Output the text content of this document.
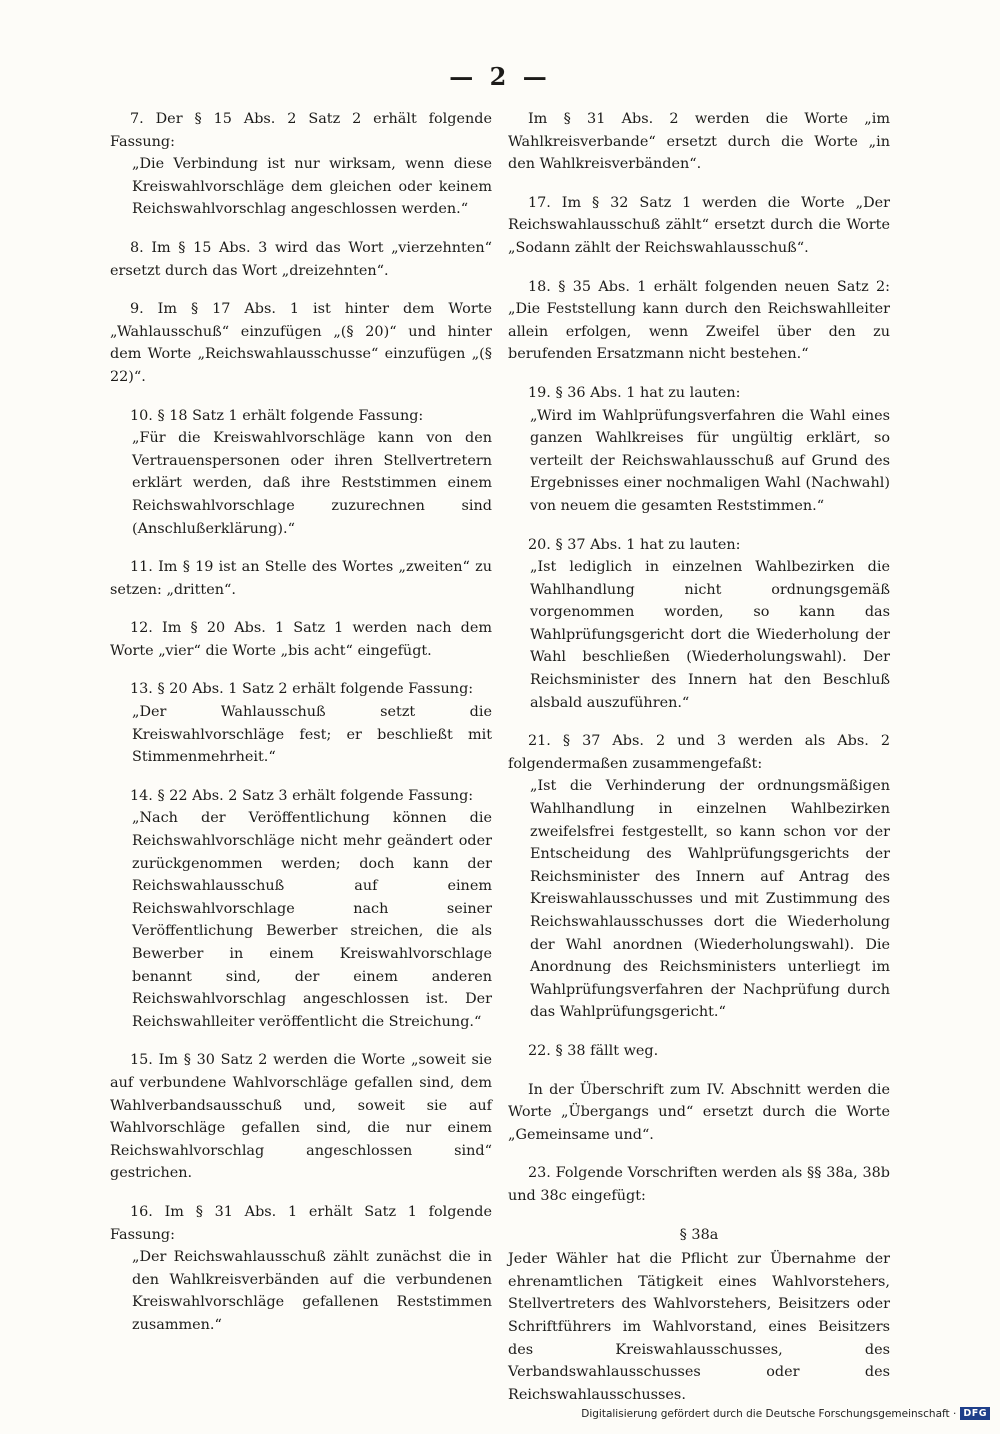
— 2 —
7. Der § 15 Abs. 2 Satz 2 erhält folgende Fassung:
„Die Verbindung ist nur wirksam, wenn diese Kreiswahlvorschläge dem gleichen oder keinem Reichswahlvorschlag angeschlossen werden.“
8. Im § 15 Abs. 3 wird das Wort „vierzehnten“ ersetzt durch das Wort „dreizehnten“.
9. Im § 17 Abs. 1 ist hinter dem Worte „Wahlausschuß“ einzufügen „(§ 20)“ und hinter dem Worte „Reichswahlausschusse“ einzufügen „(§ 22)“.
10. § 18 Satz 1 erhält folgende Fassung:
„Für die Kreiswahlvorschläge kann von den Vertrauenspersonen oder ihren Stellvertretern erklärt werden, daß ihre Reststimmen einem Reichswahlvorschlage zuzurechnen sind (Anschlußerklärung).“
11. Im § 19 ist an Stelle des Wortes „zweiten“ zu setzen: „dritten“.
12. Im § 20 Abs. 1 Satz 1 werden nach dem Worte „vier“ die Worte „bis acht“ eingefügt.
13. § 20 Abs. 1 Satz 2 erhält folgende Fassung:
„Der Wahlausschuß setzt die Kreiswahlvorschläge fest; er beschließt mit Stimmenmehrheit.“
14. § 22 Abs. 2 Satz 3 erhält folgende Fassung:
„Nach der Veröffentlichung können die Reichswahlvorschläge nicht mehr geändert oder zurückgenommen werden; doch kann der Reichswahlausschuß auf einem Reichswahlvorschlage nach seiner Veröffentlichung Bewerber streichen, die als Bewerber in einem Kreiswahlvorschlage benannt sind, der einem anderen Reichswahlvorschlag angeschlossen ist. Der Reichswahlleiter veröffentlicht die Streichung.“
15. Im § 30 Satz 2 werden die Worte „soweit sie auf verbundene Wahlvorschläge gefallen sind, dem Wahlverbandsausschuß und, soweit sie auf Wahlvorschläge gefallen sind, die nur einem Reichswahlvorschlag angeschlossen sind“ gestrichen.
16. Im § 31 Abs. 1 erhält Satz 1 folgende Fassung:
„Der Reichswahlausschuß zählt zunächst die in den Wahlkreisverbänden auf die verbundenen Kreiswahlvorschläge gefallenen Reststimmen zusammen.“
Im § 31 Abs. 2 werden die Worte „im Wahlkreisverbande“ ersetzt durch die Worte „in den Wahlkreisverbänden“.
17. Im § 32 Satz 1 werden die Worte „Der Reichswahlausschuß zählt“ ersetzt durch die Worte „Sodann zählt der Reichswahlausschuß“.
18. § 35 Abs. 1 erhält folgenden neuen Satz 2: „Die Feststellung kann durch den Reichswahlleiter allein erfolgen, wenn Zweifel über den zu berufenden Ersatzmann nicht bestehen.“
19. § 36 Abs. 1 hat zu lauten:
„Wird im Wahlprüfungsverfahren die Wahl eines ganzen Wahlkreises für ungültig erklärt, so verteilt der Reichswahlausschuß auf Grund des Ergebnisses einer nochmaligen Wahl (Nachwahl) von neuem die gesamten Reststimmen.“
20. § 37 Abs. 1 hat zu lauten:
„Ist lediglich in einzelnen Wahlbezirken die Wahlhandlung nicht ordnungsgemäß vorgenommen worden, so kann das Wahlprüfungsgericht dort die Wiederholung der Wahl beschließen (Wiederholungswahl). Der Reichsminister des Innern hat den Beschluß alsbald auszuführen.“
21. § 37 Abs. 2 und 3 werden als Abs. 2 folgendermaßen zusammengefaßt:
„Ist die Verhinderung der ordnungsmäßigen Wahlhandlung in einzelnen Wahlbezirken zweifelsfrei festgestellt, so kann schon vor der Entscheidung des Wahlprüfungsgerichts der Reichsminister des Innern auf Antrag des Kreiswahlausschusses und mit Zustimmung des Reichswahlausschusses dort die Wiederholung der Wahl anordnen (Wiederholungswahl). Die Anordnung des Reichsministers unterliegt im Wahlprüfungsverfahren der Nachprüfung durch das Wahlprüfungsgericht.“
22. § 38 fällt weg.
In der Überschrift zum IV. Abschnitt werden die Worte „Übergangs und“ ersetzt durch die Worte „Gemeinsame und“.
23. Folgende Vorschriften werden als §§ 38a, 38b und 38c eingefügt:
§ 38a
Jeder Wähler hat die Pflicht zur Übernahme der ehrenamtlichen Tätigkeit eines Wahlvorstehers, Stellvertreters des Wahlvorstehers, Beisitzers oder Schriftführers im Wahlvorstand, eines Beisitzers des Kreiswahlausschusses, des Verbandswahlausschusses oder des Reichswahlausschusses.
Digitalisierung gefördert durch die Deutsche Forschungsgemeinschaft · DFG
